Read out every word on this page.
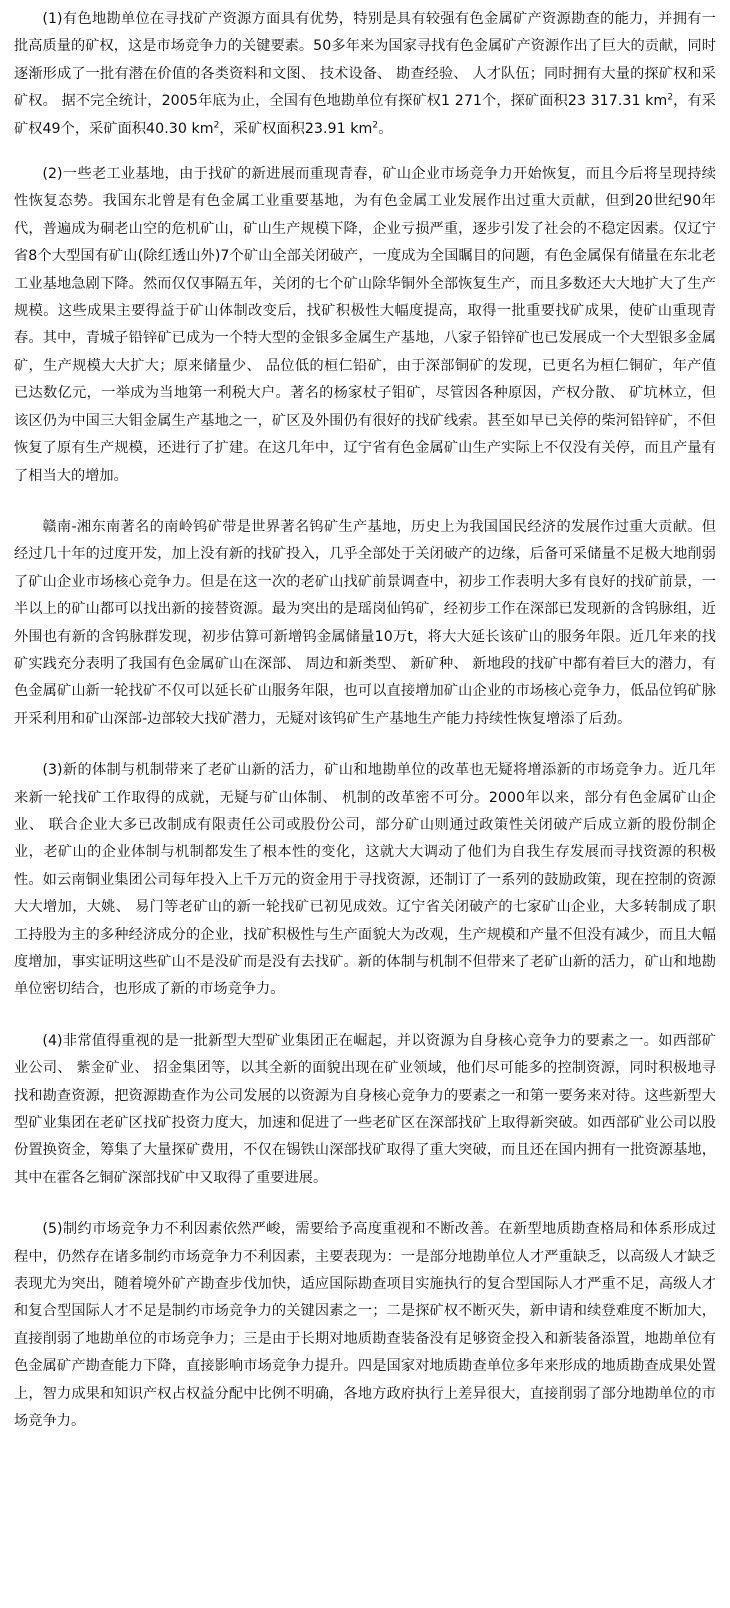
(1)有色地勘单位在寻找矿产资源方面具有优势，特别是具有较强有色金属矿产资源勘查的能力，并拥有一批高质量的矿权，这是市场竞争力的关键要素。50多年来为国家寻找有色金属矿产资源作出了巨大的贡献，同时逐渐形成了一批有潜在价值的各类资料和文图、 技术设备、 勘查经验、 人才队伍；同时拥有大量的探矿权和采矿权。 据不完全统计，2005年底为止，全国有色地勘单位有探矿权1 271个，探矿面积23 317.31 $km^2$，有采矿权49个，采矿面积40.30 $km^2$，采矿权面积23.91 $km^2$。

(2)一些老工业基地，由于找矿的新进展而重现青春，矿山企业市场竞争力开始恢复，而且今后将呈现持续性恢复态势。我国东北曾是有色金属工业重要基地，为有色金属工业发展作出过重大贡献，但到20世纪90年代，普遍成为硐老山空的危机矿山，矿山生产规模下降，企业亏损严重，逐步引发了社会的不稳定因素。仅辽宁省8个大型国有矿山(除红透山外)7个矿山全部关闭破产，一度成为全国瞩目的问题，有色金属保有储量在东北老工业基地急剧下降。然而仅仅事隔五年，关闭的七个矿山除华铜外全部恢复生产，而且多数还大大地扩大了生产规模。这些成果主要得益于矿山体制改变后，找矿积极性大幅度提高，取得一批重要找矿成果，使矿山重现青春。其中，青城子铅锌矿已成为一个特大型的金银多金属生产基地，八家子铅锌矿也已发展成一个大型银多金属矿，生产规模大大扩大；原来储量少、 品位低的桓仁铅矿，由于深部铜矿的发现，已更名为桓仁铜矿，年产值已达数亿元，一举成为当地第一利税大户。著名的杨家杖子钼矿，尽管因各种原因，产权分散、 矿坑林立，但该区仍为中国三大钼金属生产基地之一，矿区及外围仍有很好的找矿线索。甚至如早已关停的柴河铅锌矿，不但恢复了原有生产规模，还进行了扩建。在这几年中，辽宁省有色金属矿山生产实际上不仅没有关停，而且产量有了相当大的增加。

赣南-湘东南著名的南岭钨矿带是世界著名钨矿生产基地，历史上为我国国民经济的发展作过重大贡献。但经过几十年的过度开发，加上没有新的找矿投入，几乎全部处于关闭破产的边缘，后备可采储量不足极大地削弱了矿山企业市场核心竞争力。但是在这一次的老矿山找矿前景调查中，初步工作表明大多有良好的找矿前景，一半以上的矿山都可以找出新的接替资源。最为突出的是瑶岗仙钨矿，经初步工作在深部已发现新的含钨脉组，近外围也有新的含钨脉群发现，初步估算可新增钨金属储量10万t，将大大延长该矿山的服务年限。近几年来的找矿实践充分表明了我国有色金属矿山在深部、 周边和新类型、 新矿种、 新地段的找矿中都有着巨大的潜力，有色金属矿山新一轮找矿不仅可以延长矿山服务年限，也可以直接增加矿山企业的市场核心竞争力，低品位钨矿脉开采利用和矿山深部-边部较大找矿潜力，无疑对该钨矿生产基地生产能力持续性恢复增添了后劲。

(3)新的体制与机制带来了老矿山新的活力，矿山和地勘单位的改革也无疑将增添新的市场竞争力。近几年来新一轮找矿工作取得的成就，无疑与矿山体制、 机制的改革密不可分。2000年以来，部分有色金属矿山企业、 联合企业大多已改制成有限责任公司或股份公司，部分矿山则通过政策性关闭破产后成立新的股份制企业，老矿山的企业体制与机制都发生了根本性的变化，这就大大调动了他们为自我生存发展而寻找资源的积极性。如云南铜业集团公司每年投入上千万元的资金用于寻找资源，还制订了一系列的鼓励政策，现在控制的资源大大增加，大姚、 易门等老矿山的新一轮找矿已初见成效。辽宁省关闭破产的七家矿山企业，大多转制成了职工持股为主的多种经济成分的企业，找矿积极性与生产面貌大为改观，生产规模和产量不但没有减少，而且大幅度增加，事实证明这些矿山不是没矿而是没有去找矿。新的体制与机制不但带来了老矿山新的活力，矿山和地勘单位密切结合，也形成了新的市场竞争力。

(4)非常值得重视的是一批新型大型矿业集团正在崛起，并以资源为自身核心竞争力的要素之一。如西部矿业公司、 紫金矿业、 招金集团等，以其全新的面貌出现在矿业领域，他们尽可能多的控制资源，同时积极地寻找和勘查资源，把资源勘查作为公司发展的以资源为自身核心竞争力的要素之一和第一要务来对待。这些新型大型矿业集团在老矿区找矿投资力度大，加速和促进了一些老矿区在深部找矿上取得新突破。如西部矿业公司以股份置换资金，筹集了大量探矿费用，不仅在锡铁山深部找矿取得了重大突破，而且还在国内拥有一批资源基地，其中在霍各乞铜矿深部找矿中又取得了重要进展。

(5)制约市场竞争力不利因素依然严峻，需要给予高度重视和不断改善。在新型地质勘查格局和体系形成过程中，仍然存在诸多制约市场竞争力不利因素，主要表现为：一是部分地勘单位人才严重缺乏，以高级人才缺乏表现尤为突出，随着境外矿产勘查步伐加快，适应国际勘查项目实施执行的复合型国际人才严重不足，高级人才和复合型国际人才不足是制约市场竞争力的关键因素之一；二是探矿权不断灭失，新申请和续登难度不断加大，直接削弱了地勘单位的市场竞争力；三是由于长期对地质勘查装备没有足够资金投入和新装备添置，地勘单位有色金属矿产勘查能力下降，直接影响市场竞争力提升。四是国家对地质勘查单位多年来形成的地质勘查成果处置上，智力成果和知识产权占权益分配中比例不明确，各地方政府执行上差异很大，直接削弱了部分地勘单位的市场竞争力。
